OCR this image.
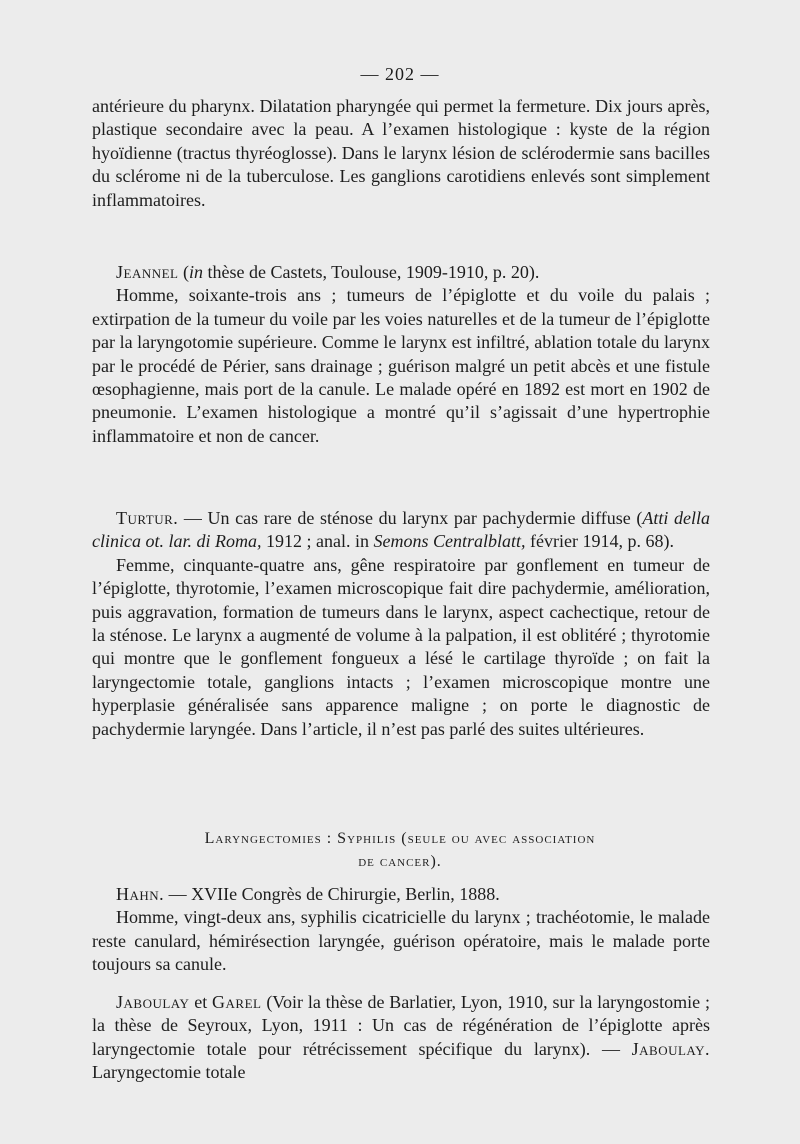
— 202 —

antérieure du pharynx. Dilatation pharyngée qui permet la fermeture. Dix jours après, plastique secondaire avec la peau. A l’examen histologique : kyste de la région hyoïdienne (tractus thyréoglosse). Dans le larynx lésion de sclérodermie sans bacilles du sclérome ni de la tuberculose. Les ganglions carotidiens enlevés sont simplement inflammatoires.

Jeannel (in thèse de Castets, Toulouse, 1909-1910, p. 20).

Homme, soixante-trois ans ; tumeurs de l’épiglotte et du voile du palais ; extirpation de la tumeur du voile par les voies naturelles et de la tumeur de l’épiglotte par la laryngotomie supérieure. Comme le larynx est infiltré, ablation totale du larynx par le procédé de Périer, sans drainage ; guérison malgré un petit abcès et une fistule œsophagienne, mais port de la canule. Le malade opéré en 1892 est mort en 1902 de pneumonie. L’examen histologique a montré qu’il s’agissait d’une hypertrophie inflammatoire et non de cancer.

Turtur. — Un cas rare de sténose du larynx par pachydermie diffuse (Atti della clinica ot. lar. di Roma, 1912 ; anal. in Semons Centralblatt, février 1914, p. 68).

Femme, cinquante-quatre ans, gêne respiratoire par gonflement en tumeur de l’épiglotte, thyrotomie, l’examen microscopique fait dire pachydermie, amélioration, puis aggravation, formation de tumeurs dans le larynx, aspect cachectique, retour de la sténose. Le larynx a augmenté de volume à la palpation, il est oblitéré ; thyrotomie qui montre que le gonflement fongueux a lésé le cartilage thyroïde ; on fait la laryngectomie totale, ganglions intacts ; l’examen microscopique montre une hyperplasie généralisée sans apparence maligne ; on porte le diagnostic de pachydermie laryngée. Dans l’article, il n’est pas parlé des suites ultérieures.

Laryngectomies : Syphilis (seule ou avec association
de cancer).

Hahn. — XVIIe Congrès de Chirurgie, Berlin, 1888.

Homme, vingt-deux ans, syphilis cicatricielle du larynx ; trachéotomie, le malade reste canulard, hémirésection laryngée, guérison opératoire, mais le malade porte toujours sa canule.

Jaboulay et Garel (Voir la thèse de Barlatier, Lyon, 1910, sur la laryngostomie ; la thèse de Seyroux, Lyon, 1911 : Un cas de régénération de l’épiglotte après laryngectomie totale pour rétrécissement spécifique du larynx). — Jaboulay. Laryngectomie totale
